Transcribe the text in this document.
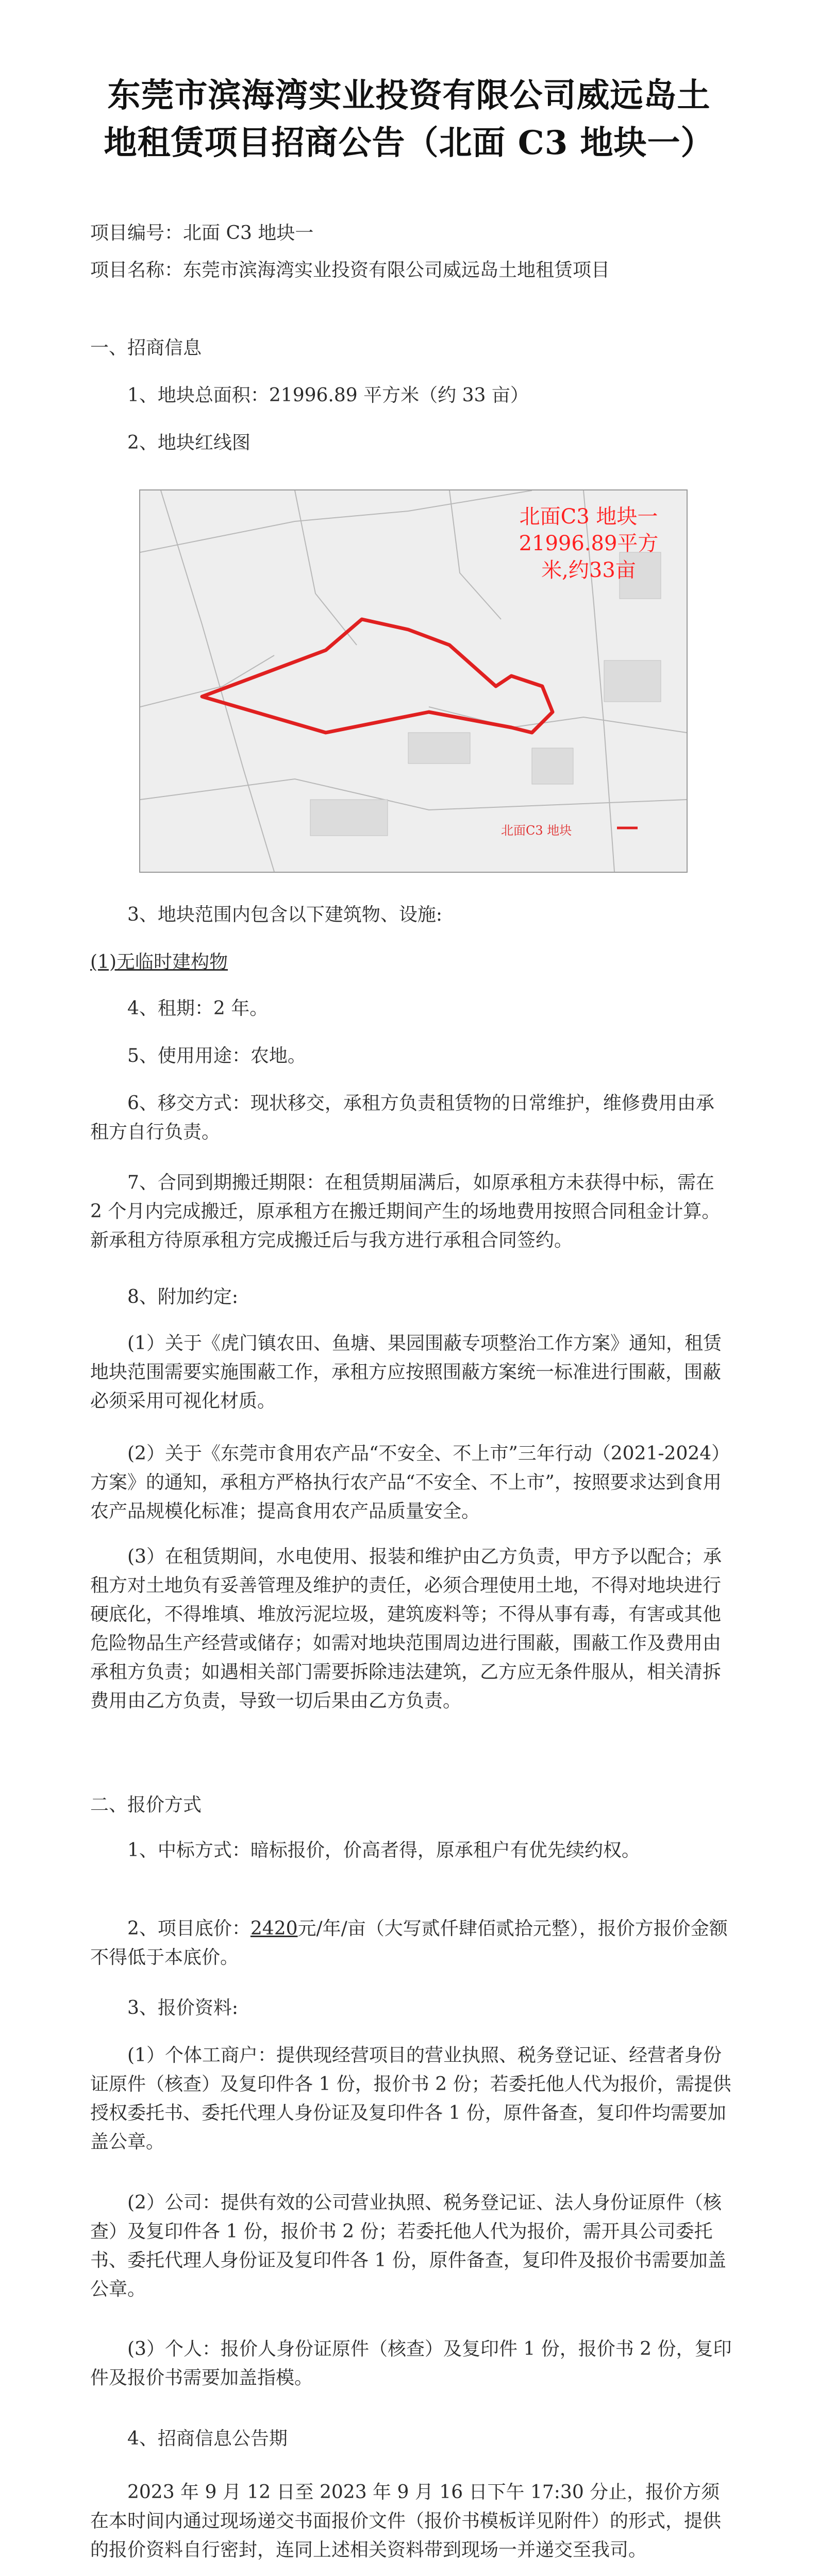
东莞市滨海湾实业投资有限公司威远岛土
地租赁项目招商公告（北面 C3 地块一）
项目编号：北面 C3 地块一
项目名称：东莞市滨海湾实业投资有限公司威远岛土地租赁项目
一、招商信息
1、地块总面积：21996.89 平方米（约 33 亩）
2、地块红线图
北面C3 地块一
21996.89平方米,约33亩
北面C3 地块
3、地块范围内包含以下建筑物、设施:
(1)无临时建构物
4、租期：2 年。
5、使用用途：农地。
6、移交方式：现状移交，承租方负责租赁物的日常维护，维修费用由承租方自行负责。
7、合同到期搬迁期限：在租赁期届满后，如原承租方未获得中标，需在 2 个月内完成搬迁，原承租方在搬迁期间产生的场地费用按照合同租金计算。新承租方待原承租方完成搬迁后与我方进行承租合同签约。
8、附加约定:
(1）关于《虎门镇农田、鱼塘、果园围蔽专项整治工作方案》通知，租赁地块范围需要实施围蔽工作，承租方应按照围蔽方案统一标准进行围蔽，围蔽必须采用可视化材质。
(2）关于《东莞市食用农产品“不安全、不上市”三年行动（2021-2024）方案》的通知，承租方严格执行农产品“不安全、不上市”，按照要求达到食用农产品规模化标准；提高食用农产品质量安全。
(3）在租赁期间，水电使用、报装和维护由乙方负责，甲方予以配合；承租方对土地负有妥善管理及维护的责任，必须合理使用土地，不得对地块进行硬底化，不得堆填、堆放污泥垃圾，建筑废料等；不得从事有毒，有害或其他危险物品生产经营或储存；如需对地块范围周边进行围蔽，围蔽工作及费用由承租方负责；如遇相关部门需要拆除违法建筑，乙方应无条件服从，相关清拆费用由乙方负责，导致一切后果由乙方负责。
二、报价方式
1、中标方式：暗标报价，价高者得，原承租户有优先续约权。
2、项目底价：2420元/年/亩（大写贰仟肆佰贰拾元整），报价方报价金额不得低于本底价。
3、报价资料:
(1）个体工商户：提供现经营项目的营业执照、税务登记证、经营者身份证原件（核查）及复印件各 1 份，报价书 2 份；若委托他人代为报价，需提供授权委托书、委托代理人身份证及复印件各 1 份，原件备查，复印件均需要加盖公章。
(2）公司：提供有效的公司营业执照、税务登记证、法人身份证原件（核查）及复印件各 1 份，报价书 2 份；若委托他人代为报价，需开具公司委托书、委托代理人身份证及复印件各 1 份，原件备查，复印件及报价书需要加盖公章。
(3）个人：报价人身份证原件（核查）及复印件 1 份，报价书 2 份，复印件及报价书需要加盖指模。
4、招商信息公告期
2023 年 9 月 12 日至 2023 年 9 月 16 日下午 17:30 分止，报价方须在本时间内通过现场递交书面报价文件（报价书模板详见附件）的形式，提供的报价资料自行密封，连同上述相关资料带到现场一并递交至我司。
